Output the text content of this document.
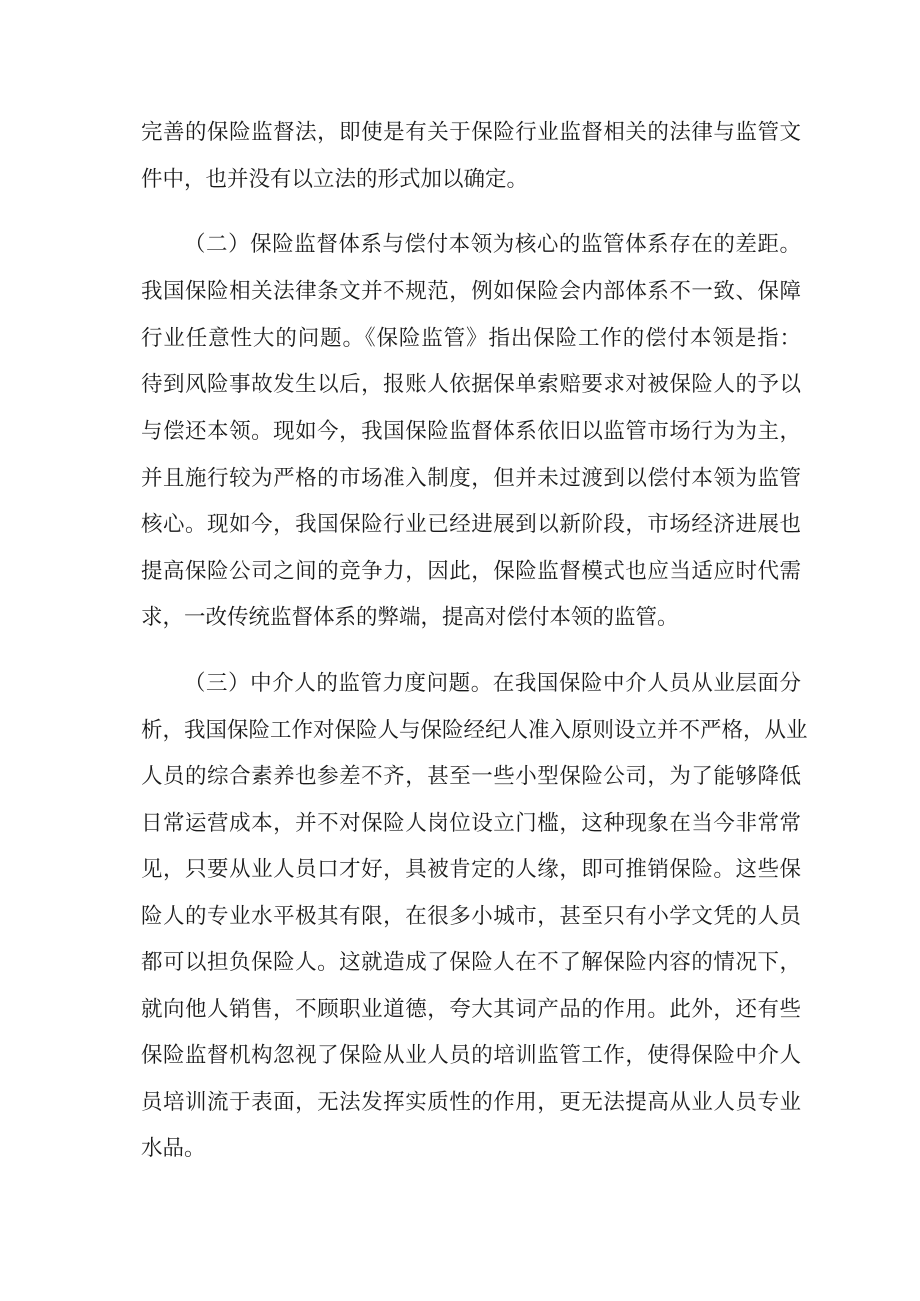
完善的保险监督法，即使是有关于保险行业监督相关的法律与监管文
件中，也并没有以立法的形式加以确定。
（二）保险监督体系与偿付本领为核心的监管体系存在的差距。
我国保险相关法律条文并不规范，例如保险会内部体系不一致、保障
行业任意性大的问题。《保险监管》指出保险工作的偿付本领是指：
待到风险事故发生以后，报账人依据保单索赔要求对被保险人的予以
与偿还本领。现如今，我国保险监督体系依旧以监管市场行为为主，
并且施行较为严格的市场准入制度，但并未过渡到以偿付本领为监管
核心。现如今，我国保险行业已经进展到以新阶段，市场经济进展也
提高保险公司之间的竞争力，因此，保险监督模式也应当适应时代需
求，一改传统监督体系的弊端，提高对偿付本领的监管。
（三）中介人的监管力度问题。在我国保险中介人员从业层面分
析，我国保险工作对保险人与保险经纪人准入原则设立并不严格，从业
人员的综合素养也参差不齐，甚至一些小型保险公司，为了能够降低
日常运营成本，并不对保险人岗位设立门槛，这种现象在当今非常常
见，只要从业人员口才好，具被肯定的人缘，即可推销保险。这些保
险人的专业水平极其有限，在很多小城市，甚至只有小学文凭的人员
都可以担负保险人。这就造成了保险人在不了解保险内容的情况下，
就向他人销售，不顾职业道德，夸大其词产品的作用。此外，还有些
保险监督机构忽视了保险从业人员的培训监管工作，使得保险中介人
员培训流于表面，无法发挥实质性的作用，更无法提高从业人员专业
水品。
